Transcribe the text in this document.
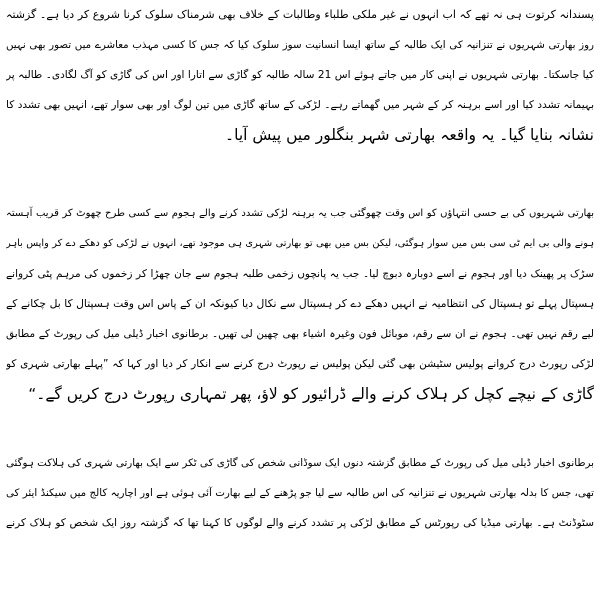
پسندانہ کرتوت ہی نہ تھے کہ اب انہوں نے غیر ملکی طلباء وطالبات کے خلاف بھی شرمناک سلوک کرنا شروع کر دیا ہے۔ گزشتہ
روز بھارتی شہریوں نے تنزانیہ کی ایک طالبہ کے ساتھ ایسا انسانیت سوز سلوک کیا کہ جس کا کسی مہذب معاشرے میں تصور بھی نہیں
کیا جاسکتا۔ بھارتی شہریوں نے اپنی کار میں جاتے ہوئے اس 21 سالہ طالبہ کو گاڑی سے اتارا اور اس کی گاڑی کو آگ لگادی۔ طالبہ پر
بہیمانہ تشدد کیا اور اسے برہنہ کر کے شہر میں گھماتے رہے۔ لڑکی کے ساتھ گاڑی میں تین لوگ اور بھی سوار تھے، انہیں بھی تشدد کا
نشانہ بنایا گیا۔ یہ واقعہ بھارتی شہر بنگلور میں پیش آیا۔
بھارتی شہریوں کی بے حسی انتہاؤں کو اس وقت چھوگئی جب یہ برہنہ لڑکی تشدد کرنے والے ہجوم سے کسی طرح چھوٹ کر قریب آہستہ
ہونے والی بی ایم ٹی سی بس میں سوار ہوگئی، لیکن بس میں بھی تو بھارتی شہری ہی موجود تھے، انہوں نے لڑکی کو دھکے دے کر واپس باہر
سڑک پر پھینک دیا اور ہجوم نے اسے دوبارہ دبوچ لیا۔ جب یہ پانچوں زخمی طلبہ ہجوم سے جان چھڑا کر زخموں کی مرہم پٹی کروانے
ہسپتال پہلے تو ہسپتال کی انتظامیہ نے انہیں دھکے دے کر ہسپتال سے نکال دیا کیونکہ ان کے پاس اس وقت ہسپتال کا بل چکانے کے
لیے رقم نہیں تھی۔ ہجوم نے ان سے رقم، موبائل فون وغیرہ اشیاء بھی چھین لی تھیں۔ برطانوی اخبار ڈیلی میل کی رپورٹ کے مطابق
لڑکی رپورٹ درج کروانے پولیس سٹیشن بھی گئی لیکن پولیس نے رپورٹ درج کرنے سے انکار کر دیا اور کہا کہ ”پہلے بھارتی شہری کو
گاڑی کے نیچے کچل کر ہلاک کرنے والے ڈرائیور کو لاؤ، پھر تمہاری رپورٹ درج کریں گے۔“
برطانوی اخبار ڈیلی میل کی رپورٹ کے مطابق گزشتہ دنوں ایک سوڈانی شخص کی گاڑی کی ٹکر سے ایک بھارتی شہری کی ہلاکت ہوگئی
تھی، جس کا بدلہ بھارتی شہریوں نے تنزانیہ کی اس طالبہ سے لیا جو پڑھنے کے لیے بھارت آئی ہوئی ہے اور اچاریہ کالج میں سیکنڈ ایئر کی
سٹوڈنٹ ہے۔ بھارتی میڈیا کی رپورٹس کے مطابق لڑکی پر تشدد کرنے والے لوگوں کا کہنا تھا کہ گزشتہ روز ایک شخص کو ہلاک کرنے
